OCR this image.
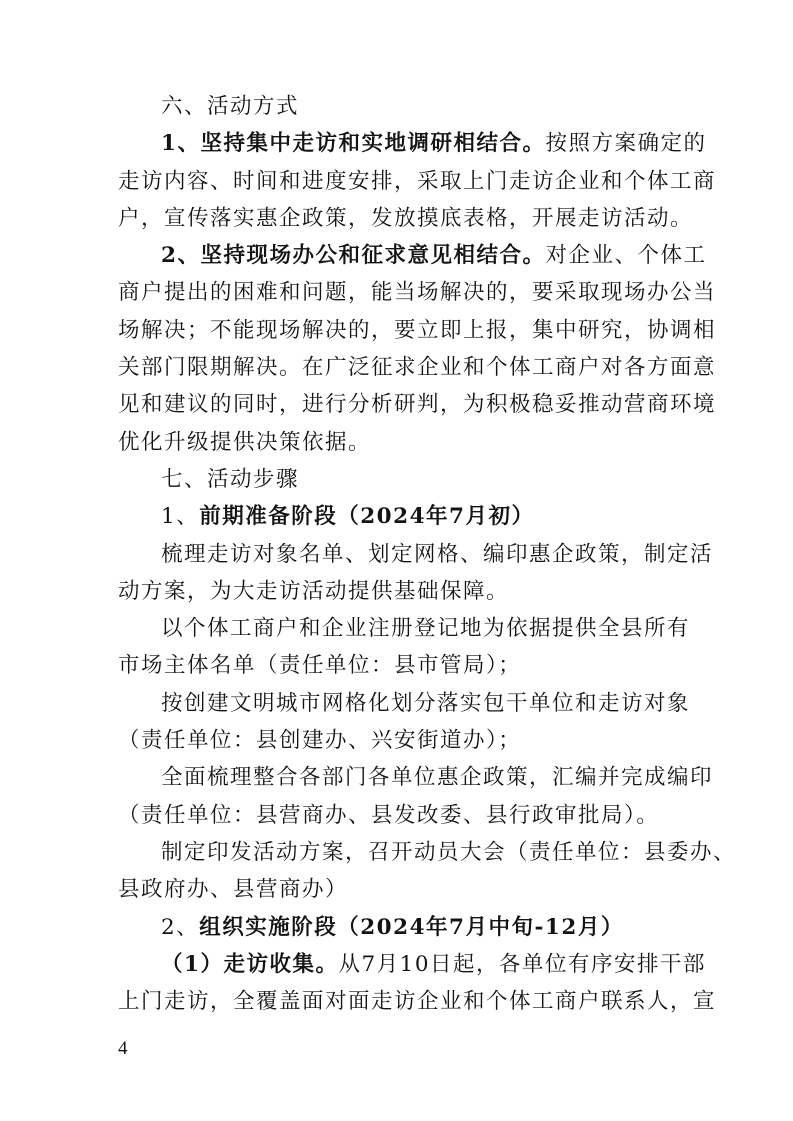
六、活动方式
1、坚持集中走访和实地调研相结合。按照方案确定的
走访内容、时间和进度安排，采取上门走访企业和个体工商
户，宣传落实惠企政策，发放摸底表格，开展走访活动。
2、坚持现场办公和征求意见相结合。对企业、个体工
商户提出的困难和问题，能当场解决的，要采取现场办公当
场解决；不能现场解决的，要立即上报，集中研究，协调相
关部门限期解决。在广泛征求企业和个体工商户对各方面意
见和建议的同时，进行分析研判，为积极稳妥推动营商环境
优化升级提供决策依据。
七、活动步骤
1、前期准备阶段（2024年7月初）
梳理走访对象名单、划定网格、编印惠企政策，制定活
动方案，为大走访活动提供基础保障。
以个体工商户和企业注册登记地为依据提供全县所有
市场主体名单（责任单位：县市管局）；
按创建文明城市网格化划分落实包干单位和走访对象
（责任单位：县创建办、兴安街道办）；
全面梳理整合各部门各单位惠企政策，汇编并完成编印
（责任单位：县营商办、县发改委、县行政审批局）。
制定印发活动方案，召开动员大会（责任单位：县委办、
县政府办、县营商办）
2、组织实施阶段（2024年7月中旬-12月）
（1）走访收集。从7月10日起，各单位有序安排干部
上门走访，全覆盖面对面走访企业和个体工商户联系人，宣
4
